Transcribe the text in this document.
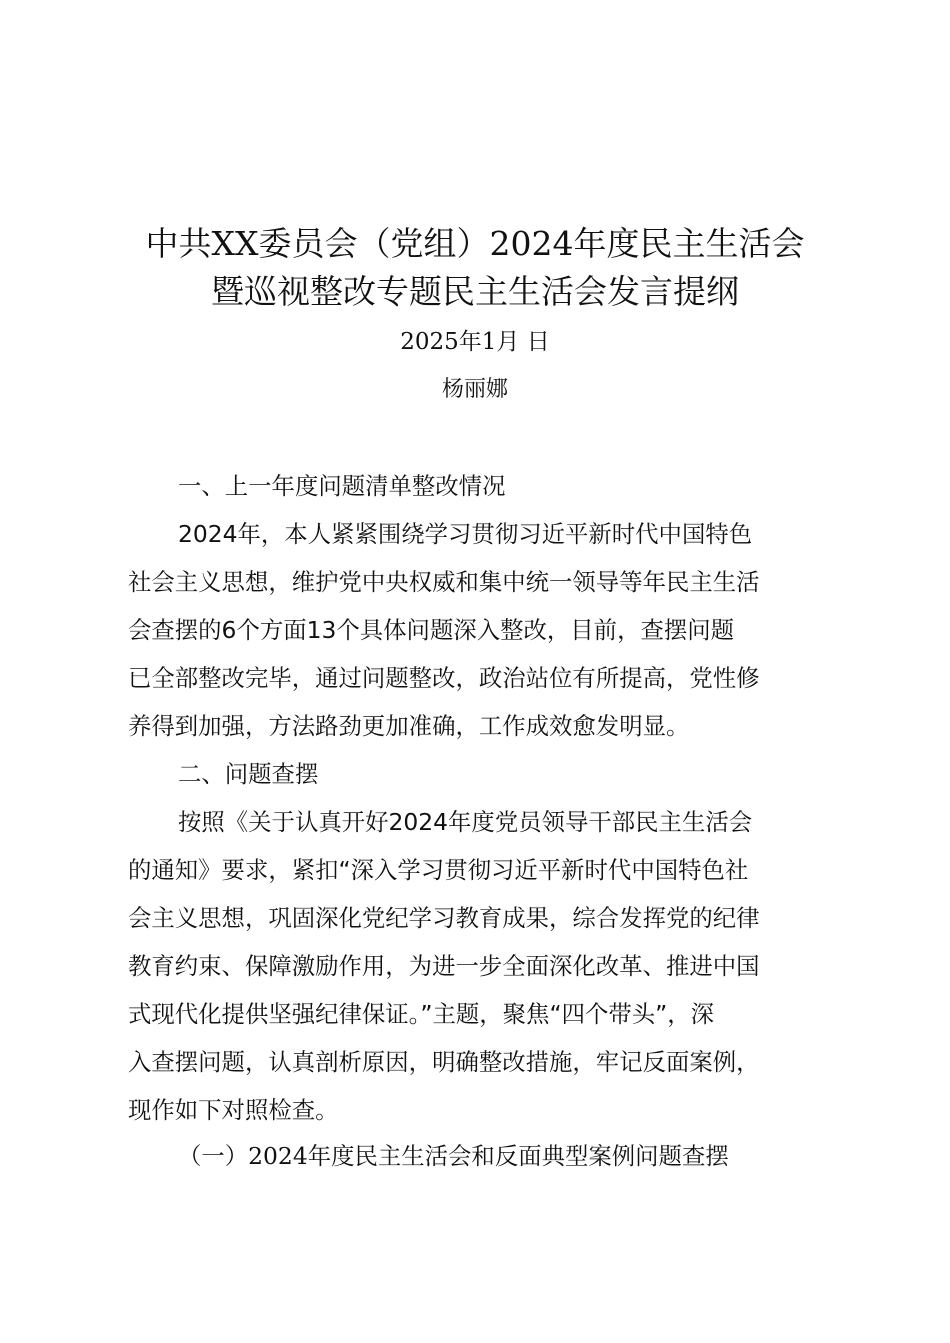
中共XX委员会（党组）2024年度民主生活会
暨巡视整改专题民主生活会发言提纲
2025年1月 日
杨丽娜
一、上一年度问题清单整改情况
2024年，本人紧紧围绕学习贯彻习近平新时代中国特色
社会主义思想，维护党中央权威和集中统一领导等年民主生活
会查摆的6个方面13个具体问题深入整改，目前，查摆问题
已全部整改完毕，通过问题整改，政治站位有所提高，党性修
养得到加强，方法路劲更加准确，工作成效愈发明显。
二、问题查摆
按照《关于认真开好2024年度党员领导干部民主生活会
的通知》要求，紧扣“深入学习贯彻习近平新时代中国特色社
会主义思想，巩固深化党纪学习教育成果，综合发挥党的纪律
教育约束、保障激励作用，为进一步全面深化改革、推进中国
式现代化提供坚强纪律保证。”主题，聚焦“四个带头”，深
入查摆问题，认真剖析原因，明确整改措施，牢记反面案例，
现作如下对照检查。
（一）2024年度民主生活会和反面典型案例问题查摆
